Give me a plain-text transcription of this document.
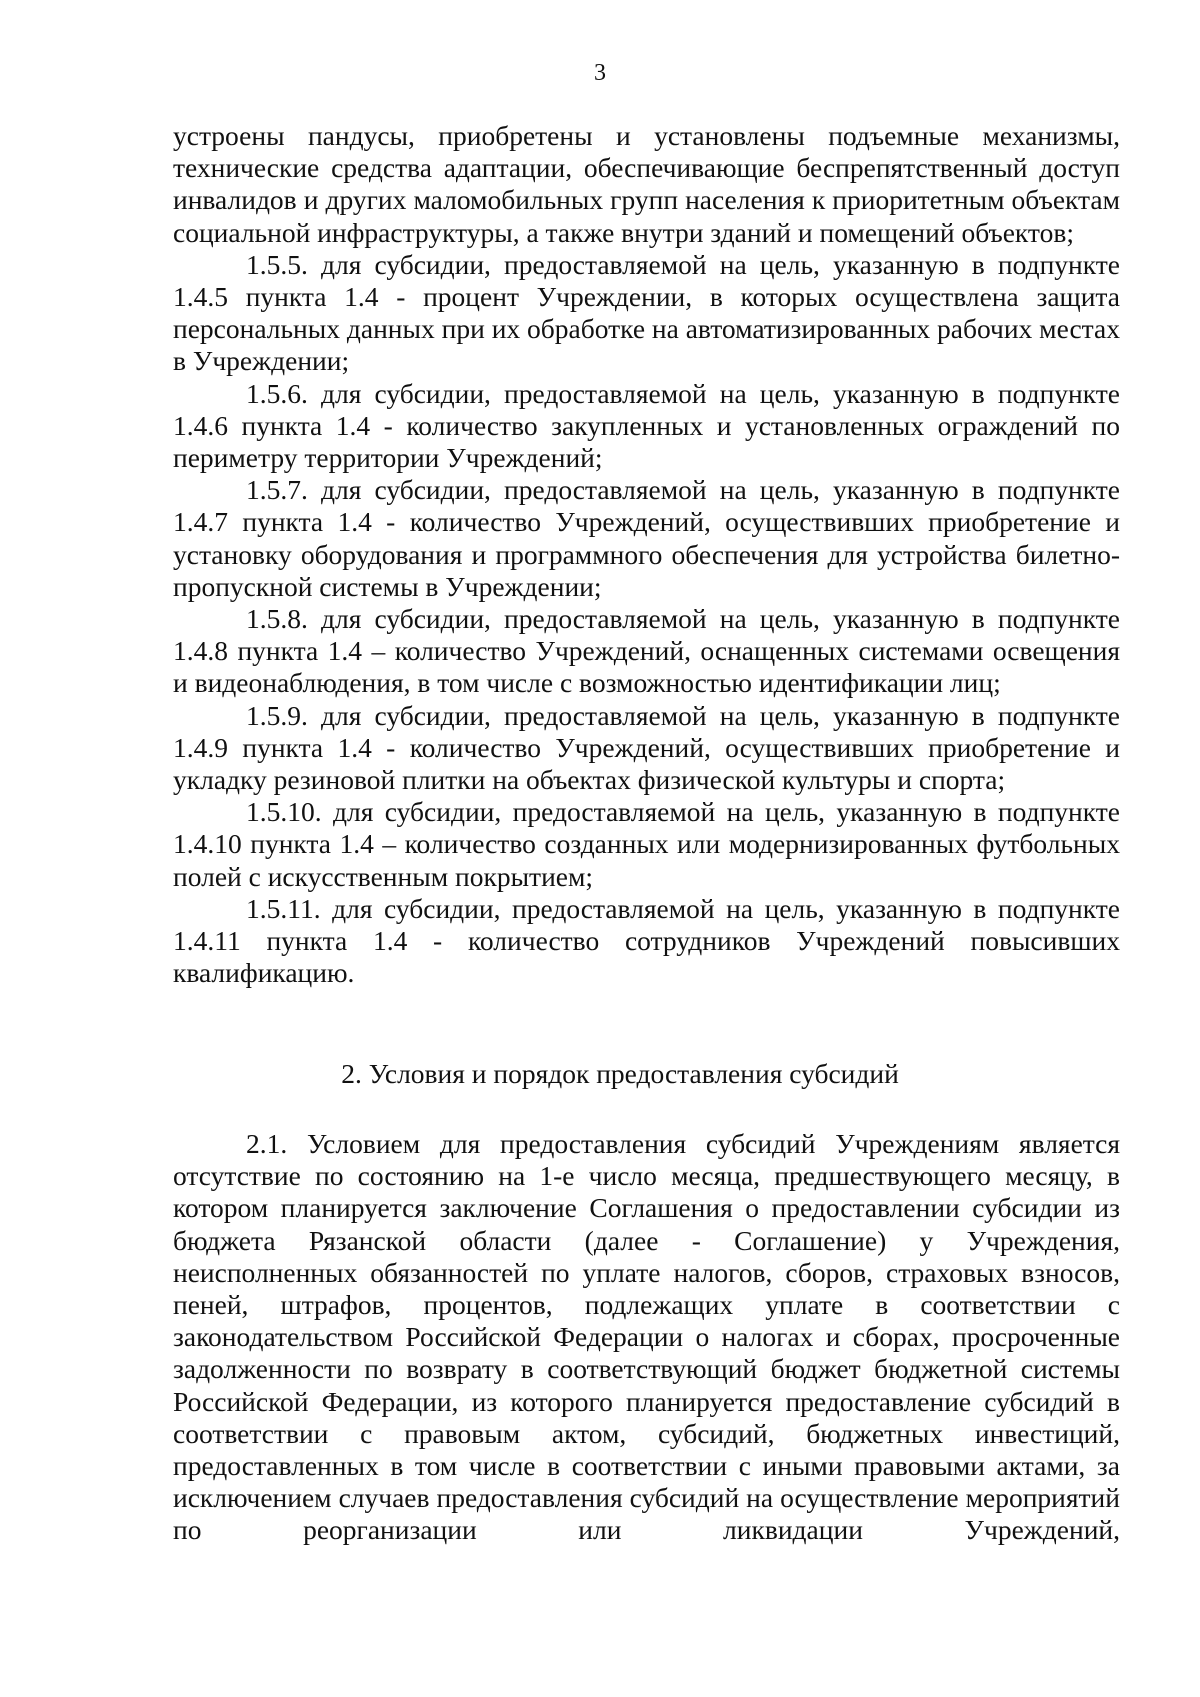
3

устроены пандусы, приобретены и установлены подъемные механизмы, технические средства адаптации, обеспечивающие беспрепятственный доступ инвалидов и других маломобильных групп населения к приоритетным объектам социальной инфраструктуры, а также внутри зданий и помещений объектов;

1.5.5. для субсидии, предоставляемой на цель, указанную в подпункте 1.4.5 пункта 1.4 - процент Учреждении, в которых осуществлена защита персональных данных при их обработке на автоматизированных рабочих местах в Учреждении;

1.5.6. для субсидии, предоставляемой на цель, указанную в подпункте 1.4.6 пункта 1.4 - количество закупленных и установленных ограждений по периметру территории Учреждений;

1.5.7. для субсидии, предоставляемой на цель, указанную в подпункте 1.4.7 пункта 1.4 - количество Учреждений, осуществивших приобретение и установку оборудования и программного обеспечения для устройства билетно-пропускной системы в Учреждении;

1.5.8. для субсидии, предоставляемой на цель, указанную в подпункте 1.4.8 пункта 1.4 – количество Учреждений, оснащенных системами освещения и видеонаблюдения, в том числе с возможностью идентификации лиц;

1.5.9. для субсидии, предоставляемой на цель, указанную в подпункте 1.4.9 пункта 1.4 - количество Учреждений, осуществивших приобретение и укладку резиновой плитки на объектах физической культуры и спорта;

1.5.10. для субсидии, предоставляемой на цель, указанную в подпункте 1.4.10 пункта 1.4 – количество созданных или модернизированных футбольных полей с искусственным покрытием;

1.5.11. для субсидии, предоставляемой на цель, указанную в подпункте 1.4.11 пункта 1.4 - количество сотрудников Учреждений повысивших квалификацию.

2. Условия и порядок предоставления субсидий

2.1. Условием для предоставления субсидий Учреждениям является отсутствие по состоянию на 1-е число месяца, предшествующего месяцу, в котором планируется заключение Соглашения о предоставлении субсидии из бюджета Рязанской области (далее - Соглашение) у Учреждения, неисполненных обязанностей по уплате налогов, сборов, страховых взносов, пеней, штрафов, процентов, подлежащих уплате в соответствии с законодательством Российской Федерации о налогах и сборах, просроченные задолженности по возврату в соответствующий бюджет бюджетной системы Российской Федерации, из которого планируется предоставление субсидий в соответствии с правовым актом, субсидий, бюджетных инвестиций, предоставленных в том числе в соответствии с иными правовыми актами, за исключением случаев предоставления субсидий на осуществление мероприятий по реорганизации или ликвидации Учреждений,
